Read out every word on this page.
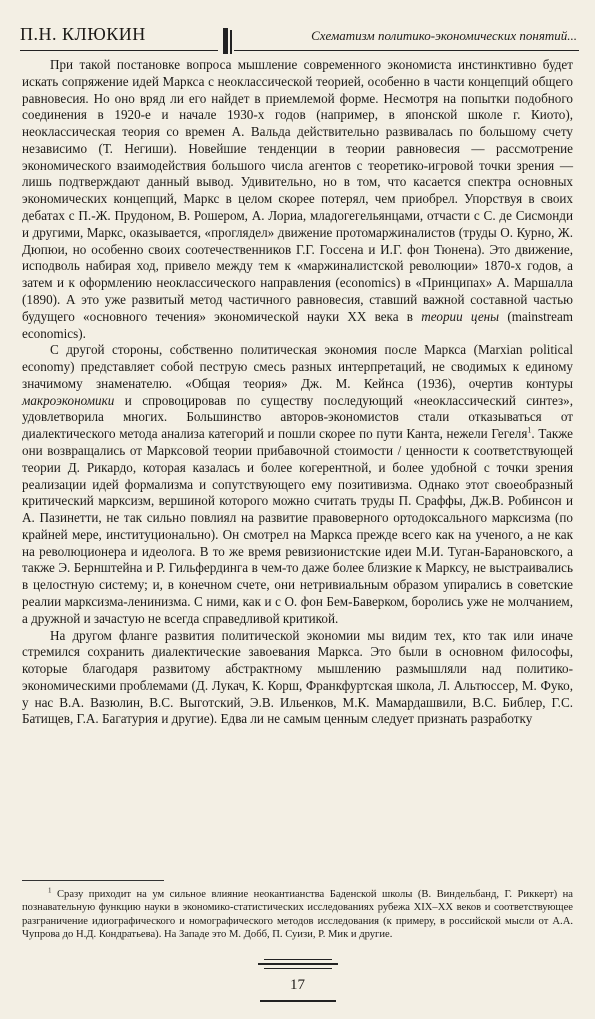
П.Н. КЛЮКИН	Схематизм политико-экономических понятий...

При такой постановке вопроса мышление современного экономиста инстинктивно будет искать сопряжение идей Маркса с неоклассической теорией, особенно в части концепций общего равновесия. Но оно вряд ли его найдет в приемлемой форме. Несмотря на попытки подобного соединения в 1920-е и начале 1930-х годов (например, в японской школе г. Киото), неоклассическая теория со времен А. Вальда действительно развивалась по большому счету независимо (Т. Негиши). Новейшие тенденции в теории равновесия — рассмотрение экономического взаимодействия большого числа агентов с теоретико-игровой точки зрения — лишь подтверждают данный вывод. Удивительно, но в том, что касается спектра основных экономических концепций, Маркс в целом скорее потерял, чем приобрел. Упорствуя в своих дебатах с П.-Ж. Прудоном, В. Рошером, А. Лориа, младогегельянцами, отчасти с С. де Сисмонди и другими, Маркс, оказывается, «проглядел» движение протомаржиналистов (труды О. Курно, Ж. Дюпюи, но особенно своих соотечественников Г.Г. Госсена и И.Г. фон Тюнена). Это движение, исподволь набирая ход, привело между тем к «маржиналистской революции» 1870-х годов, а затем и к оформлению неоклассического направления (economics) в «Принципах» А. Маршалла (1890). А это уже развитый метод частичного равновесия, ставший важной составной частью будущего «основного течения» экономической науки XX века в теории цены (mainstream economics).

С другой стороны, собственно политическая экономия после Маркса (Marxian political economy) представляет собой пеструю смесь разных интерпретаций, не сводимых к единому значимому знаменателю. «Общая теория» Дж. М. Кейнса (1936), очертив контуры макроэкономики и спровоцировав по существу последующий «неоклассический синтез», удовлетворила многих. Большинство авторов-экономистов стали отказываться от диалектического метода анализа категорий и пошли скорее по пути Канта, нежели Гегеля$^1$. Также они возвращались от Марксовой теории прибавочной стоимости / ценности к соответствующей теории Д. Рикардо, которая казалась и более когерентной, и более удобной с точки зрения реализации идей формализма и сопутствующего ему позитивизма. Однако этот своеобразный критический марксизм, вершиной которого можно считать труды П. Сраффы, Дж.В. Робинсон и А. Пазинетти, не так сильно повлиял на развитие правоверного ортодоксального марксизма (по крайней мере, институционально). Он смотрел на Маркса прежде всего как на ученого, а не как на революционера и идеолога. В то же время ревизионистские идеи М.И. Туган-Барановского, а также Э. Бернштейна и Р. Гильфердинга в чем-то даже более близкие к Марксу, не выстраивались в целостную систему; и, в конечном счете, они нетривиальным образом упирались в советские реалии марксизма-ленинизма. С ними, как и с О. фон Бем-Баверком, боролись уже не молчанием, а дружной и зачастую не всегда справедливой критикой.

На другом фланге развития политической экономии мы видим тех, кто так или иначе стремился сохранить диалектические завоевания Маркса. Это были в основном философы, которые благодаря развитому абстрактному мышлению размышляли над политико-экономическими проблемами (Д. Лукач, К. Корш, Франкфуртская школа, Л. Альтюссер, М. Фуко, у нас В.А. Вазюлин, В.С. Выготский, Э.В. Ильенков, М.К. Мамардашвили, В.С. Библер, Г.С. Батищев, Г.А. Багатурия и другие). Едва ли не самым ценным следует признать разработку

$^1$ Сразу приходит на ум сильное влияние неокантианства Баденской школы (В. Виндельбанд, Г. Риккерт) на познавательную функцию науки в экономико-статистических исследованиях рубежа XIX–XX веков и соответствующее разграничение идиографического и номографического методов исследования (к примеру, в российской мысли от А.А. Чупрова до Н.Д. Кондратьева). На Западе это М. Добб, П. Суизи, Р. Мик и другие.
17
